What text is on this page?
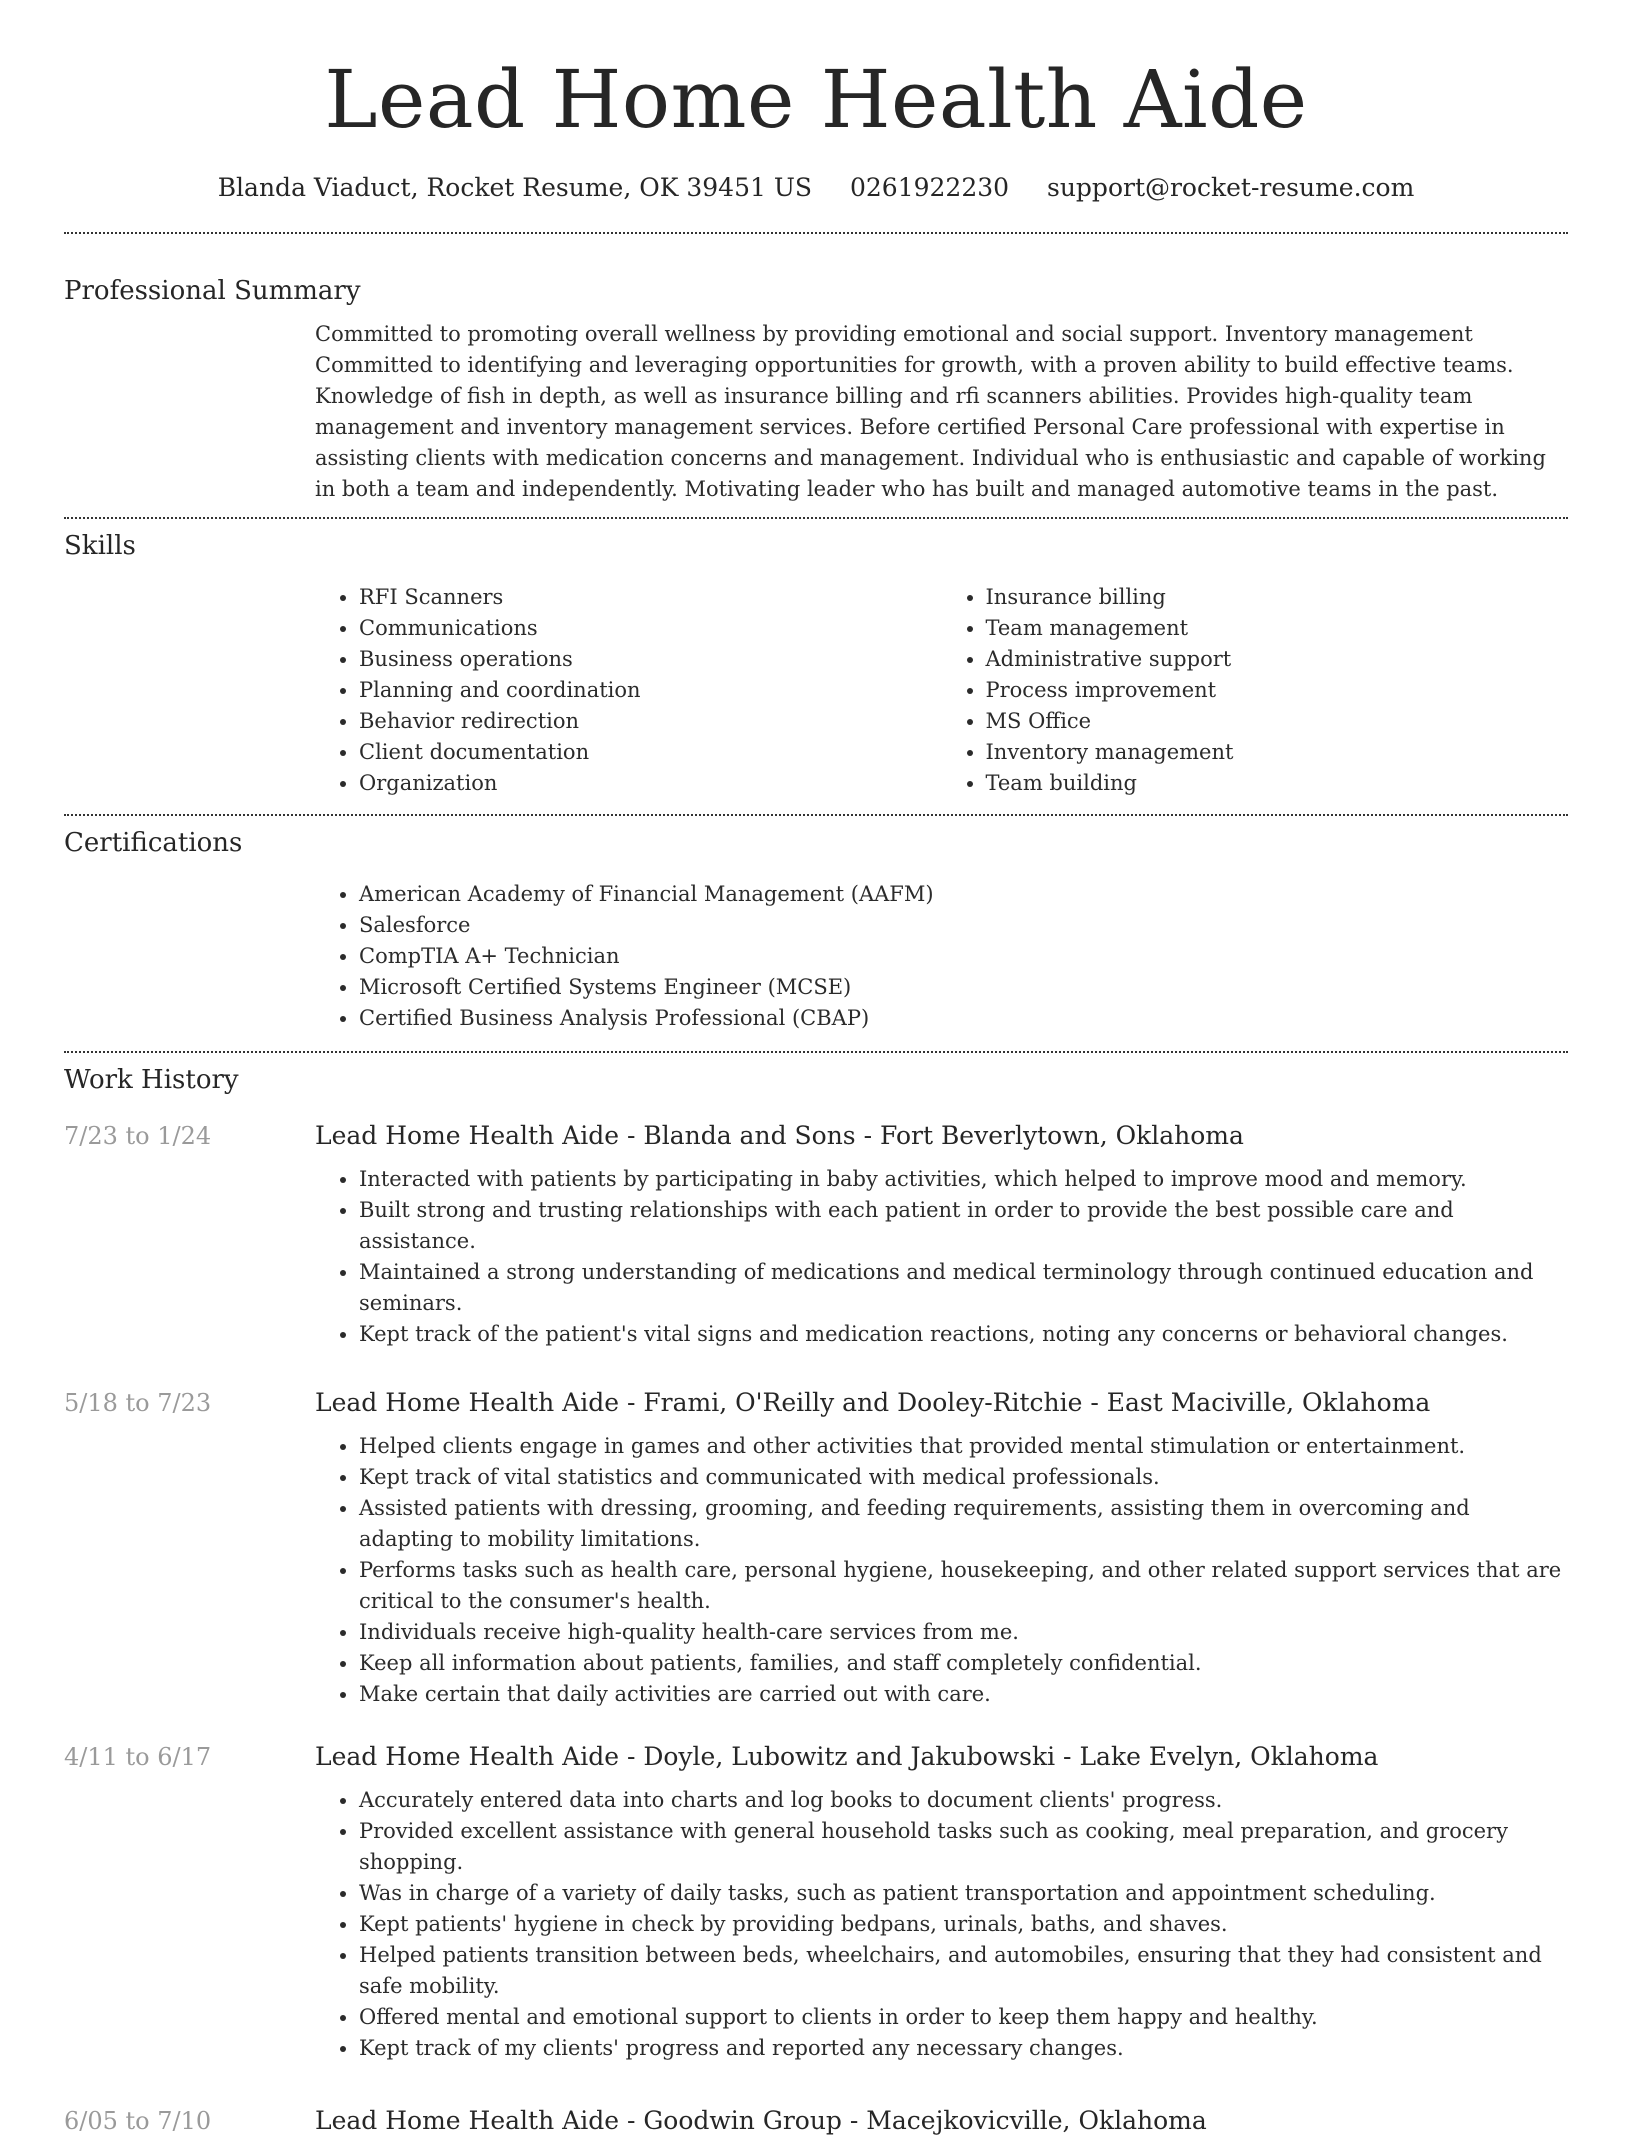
Lead Home Health Aide
Blanda Viaduct, Rocket Resume, OK 39451 US 0261922230 support@rocket-resume.com
Professional Summary

Committed to promoting overall wellness by providing emotional and social support. Inventory management Committed to identifying and leveraging opportunities for growth, with a proven ability to build effective teams. Knowledge of fish in depth, as well as insurance billing and rfi scanners abilities. Provides high-quality team management and inventory management services. Before certified Personal Care professional with expertise in assisting clients with medication concerns and management. Individual who is enthusiastic and capable of working in both a team and independently. Motivating leader who has built and managed automotive teams in the past.

Skills
• RFI Scanners
• Communications
• Business operations
• Planning and coordination
• Behavior redirection
• Client documentation
• Organization
• Insurance billing
• Team management
• Administrative support
• Process improvement
• MS Office
• Inventory management
• Team building
Certifications
• American Academy of Financial Management (AAFM)
• Salesforce
• CompTIA A+ Technician
• Microsoft Certified Systems Engineer (MCSE)
• Certified Business Analysis Professional (CBAP)
Work History
7/23 to 1/24	Lead Home Health Aide - Blanda and Sons - Fort Beverlytown, Oklahoma
• Interacted with patients by participating in baby activities, which helped to improve mood and memory.
• Built strong and trusting relationships with each patient in order to provide the best possible care and assistance.
• Maintained a strong understanding of medications and medical terminology through continued education and seminars.
• Kept track of the patient's vital signs and medication reactions, noting any concerns or behavioral changes.
5/18 to 7/23	Lead Home Health Aide - Frami, O'Reilly and Dooley-Ritchie - East Maciville, Oklahoma
• Helped clients engage in games and other activities that provided mental stimulation or entertainment.
• Kept track of vital statistics and communicated with medical professionals.
• Assisted patients with dressing, grooming, and feeding requirements, assisting them in overcoming and adapting to mobility limitations.
• Performs tasks such as health care, personal hygiene, housekeeping, and other related support services that are critical to the consumer's health.
• Individuals receive high-quality health-care services from me.
• Keep all information about patients, families, and staff completely confidential.
• Make certain that daily activities are carried out with care.
4/11 to 6/17	Lead Home Health Aide - Doyle, Lubowitz and Jakubowski - Lake Evelyn, Oklahoma
• Accurately entered data into charts and log books to document clients' progress.
• Provided excellent assistance with general household tasks such as cooking, meal preparation, and grocery shopping.
• Was in charge of a variety of daily tasks, such as patient transportation and appointment scheduling.
• Kept patients' hygiene in check by providing bedpans, urinals, baths, and shaves.
• Helped patients transition between beds, wheelchairs, and automobiles, ensuring that they had consistent and safe mobility.
• Offered mental and emotional support to clients in order to keep them happy and healthy.
• Kept track of my clients' progress and reported any necessary changes.
6/05 to 7/10	Lead Home Health Aide - Goodwin Group - Macejkovicville, Oklahoma
